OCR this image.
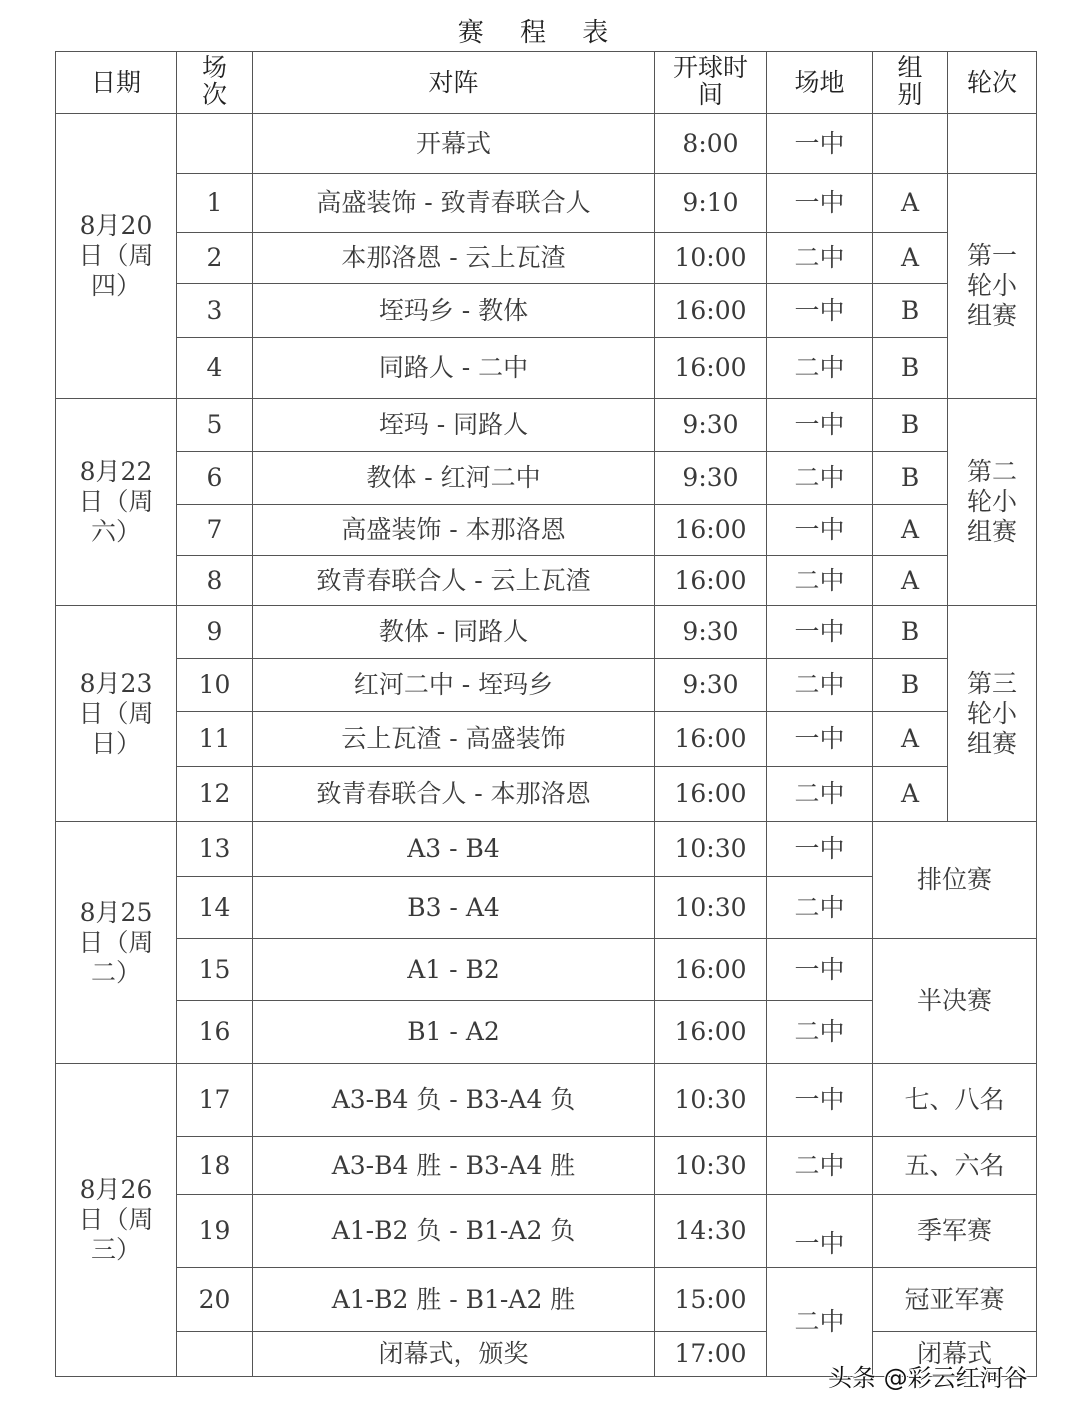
赛 程 表
日期	场次	对阵	开球时间	场地	组别	轮次
8月20日（周四）		开幕式	8:00	一中		
	1	高盛装饰 - 致青春联合人	9:10	一中	A	第一轮小组赛
	2	本那洛恩 - 云上瓦渣	10:00	二中	A	
	3	垤玛乡 - 教体	16:00	一中	B	
	4	同路人 - 二中	16:00	二中	B	
8月22日（周六）	5	垤玛 - 同路人	9:30	一中	B	第二轮小组赛
	6	教体 - 红河二中	9:30	二中	B	
	7	高盛装饰 - 本那洛恩	16:00	一中	A	
	8	致青春联合人 - 云上瓦渣	16:00	二中	A	
8月23日（周日）	9	教体 - 同路人	9:30	一中	B	第三轮小组赛
	10	红河二中 - 垤玛乡	9:30	二中	B	
	11	云上瓦渣 - 高盛装饰	16:00	一中	A	
	12	致青春联合人 - 本那洛恩	16:00	二中	A	
8月25日（周二）	13	A3 - B4	10:30	一中	排位赛	
	14	B3 - A4	10:30	二中		
	15	A1 - B2	16:00	一中	半决赛	
	16	B1 - A2	16:00	二中		
8月26日（周三）	17	A3-B4 负 - B3-A4 负	10:30	一中	七、八名	
	18	A3-B4 胜 - B3-A4 胜	10:30	二中	五、六名	
	19	A1-B2 负 - B1-A2 负	14:30	一中	季军赛	
	20	A1-B2 胜 - B1-A2 胜	15:00	二中	冠亚军赛	
		闭幕式，颁奖	17:00		闭幕式	
头条 @彩云红河谷
